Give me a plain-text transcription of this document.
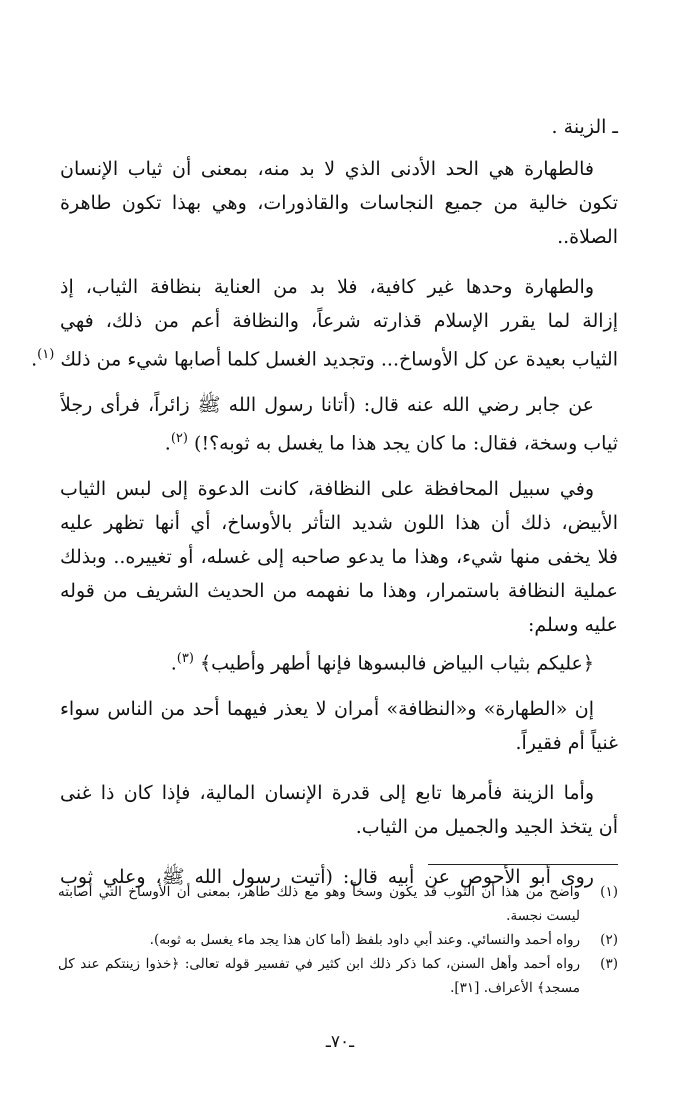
ـ الزينة .
فالطهارة هي الحد الأدنى الذي لا بد منه، بمعنى أن ثياب الإنسان
تكون خالية من جميع النجاسات والقاذورات، وهي بهذا تكون طاهرة
الصلاة..
والطهارة وحدها غير كافية، فلا بد من العناية بنظافة الثياب، إذ
إزالة لما يقرر الإسلام قذارته شرعاً، والنظافة أعم من ذلك، فهي
الثياب بعيدة عن كل الأوساخ... وتجديد الغسل كلما أصابها شيء من ذلك $^{(١)}$.
عن جابر رضي الله عنه قال: (أتانا رسول الله ﷺ زائراً، فرأى رجلاً
ثياب وسخة، فقال: ما كان يجد هذا ما يغسل به ثوبه؟!) $^{(٢)}$.
وفي سبيل المحافظة على النظافة، كانت الدعوة إلى لبس الثياب
الأبيض، ذلك أن هذا اللون شديد التأثر بالأوساخ، أي أنها تظهر عليه
فلا يخفى منها شيء، وهذا ما يدعو صاحبه إلى غسله، أو تغييره.. وبذلك
عملية النظافة باستمرار، وهذا ما نفهمه من الحديث الشريف من قوله
عليه وسلم:
﴿عليكم بثياب البياض فالبسوها فإنها أطهر وأطيب﴾ $^{(٣)}$.
إن «الطهارة» و«النظافة» أمران لا يعذر فيهما أحد من الناس سواء
غنياً أم فقيراً.
وأما الزينة فأمرها تابع إلى قدرة الإنسان المالية، فإذا كان ذا غنى
أن يتخذ الجيد والجميل من الثياب.
روى أبو الأحوص عن أبيه قال: (أتيت رسول الله ﷺ، وعلي ثوب
(١)
واضح من هذا أن الثوب قد يكون وسخاً وهو مع ذلك طاهر، بمعنى أن الأوساخ التي أصابته
ليست نجسة.
(٢)
رواه أحمد والنسائي. وعند أبي داود بلفظ (أما كان هذا يجد ماء يغسل به ثوبه).
(٣)
رواه أحمد وأهل السنن، كما ذكر ذلك ابن كثير في تفسير قوله تعالى: ﴿خذوا زينتكم عند كل
مسجد﴾ الأعراف. [٣١].
ـ٧٠ـ
